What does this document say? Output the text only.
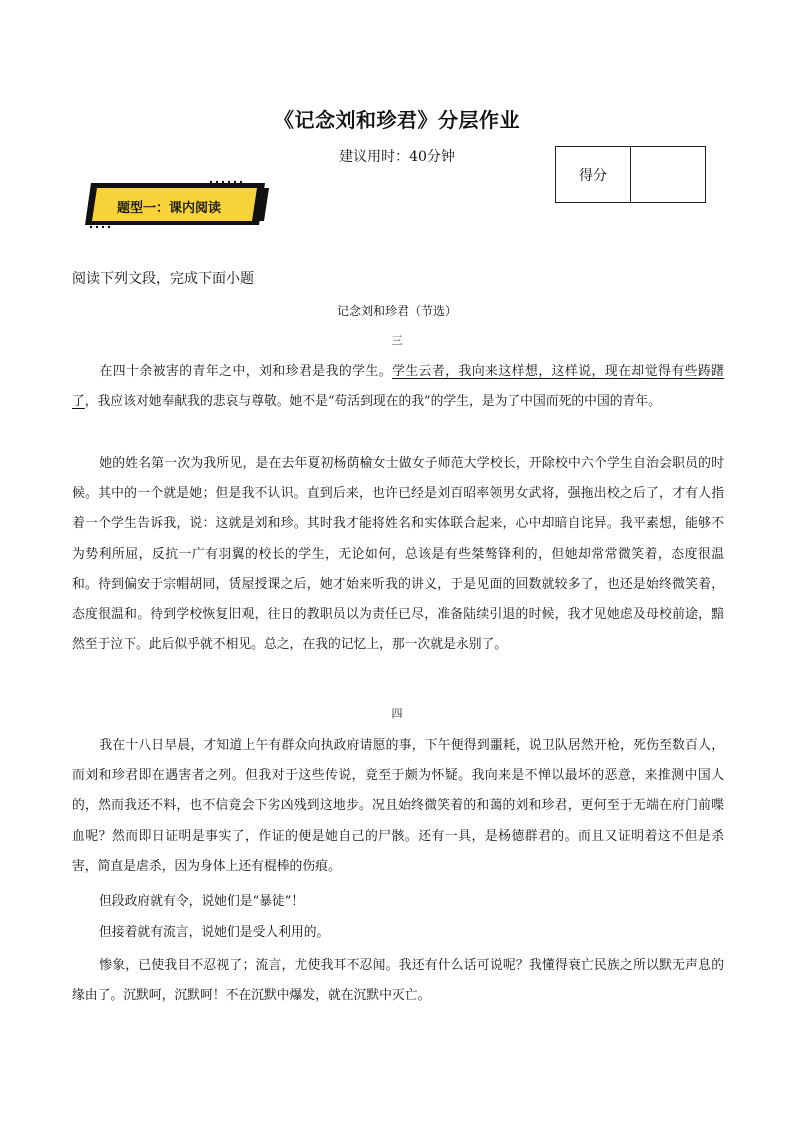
《记念刘和珍君》分层作业
建议用时：40分钟
得分
题型一：课内阅读
阅读下列文段，完成下面小题
记念刘和珍君（节选）
三

在四十余被害的青年之中，刘和珍君是我的学生。学生云者，我向来这样想，这样说，现在却觉得有些踌躇了，我应该对她奉献我的悲哀与尊敬。她不是“苟活到现在的我”的学生，是为了中国而死的中国的青年。

她的姓名第一次为我所见，是在去年夏初杨荫榆女士做女子师范大学校长，开除校中六个学生自治会职员的时候。其中的一个就是她；但是我不认识。直到后来，也许已经是刘百昭率领男女武将，强拖出校之后了，才有人指着一个学生告诉我，说：这就是刘和珍。其时我才能将姓名和实体联合起来，心中却暗自诧异。我平素想，能够不为势利所屈，反抗一广有羽翼的校长的学生，无论如何，总该是有些桀骜锋利的，但她却常常微笑着，态度很温和。待到偏安于宗帽胡同，赁屋授课之后，她才始来听我的讲义，于是见面的回数就较多了，也还是始终微笑着，态度很温和。待到学校恢复旧观，往日的教职员以为责任已尽，准备陆续引退的时候，我才见她虑及母校前途，黯然至于泣下。此后似乎就不相见。总之，在我的记忆上，那一次就是永别了。

四

我在十八日早晨，才知道上午有群众向执政府请愿的事，下午便得到噩耗，说卫队居然开枪，死伤至数百人，而刘和珍君即在遇害者之列。但我对于这些传说，竟至于颇为怀疑。我向来是不惮以最坏的恶意，来推测中国人的，然而我还不料，也不信竟会下劣凶残到这地步。况且始终微笑着的和蔼的刘和珍君，更何至于无端在府门前喋血呢？然而即日证明是事实了，作证的便是她自己的尸骸。还有一具，是杨德群君的。而且又证明着这不但是杀害，简直是虐杀，因为身体上还有棍棒的伤痕。

但段政府就有令，说她们是“暴徒”！

但接着就有流言，说她们是受人利用的。

惨象，已使我目不忍视了；流言，尤使我耳不忍闻。我还有什么话可说呢？我懂得衰亡民族之所以默无声息的缘由了。沉默呵，沉默呵！不在沉默中爆发，就在沉默中灭亡。
